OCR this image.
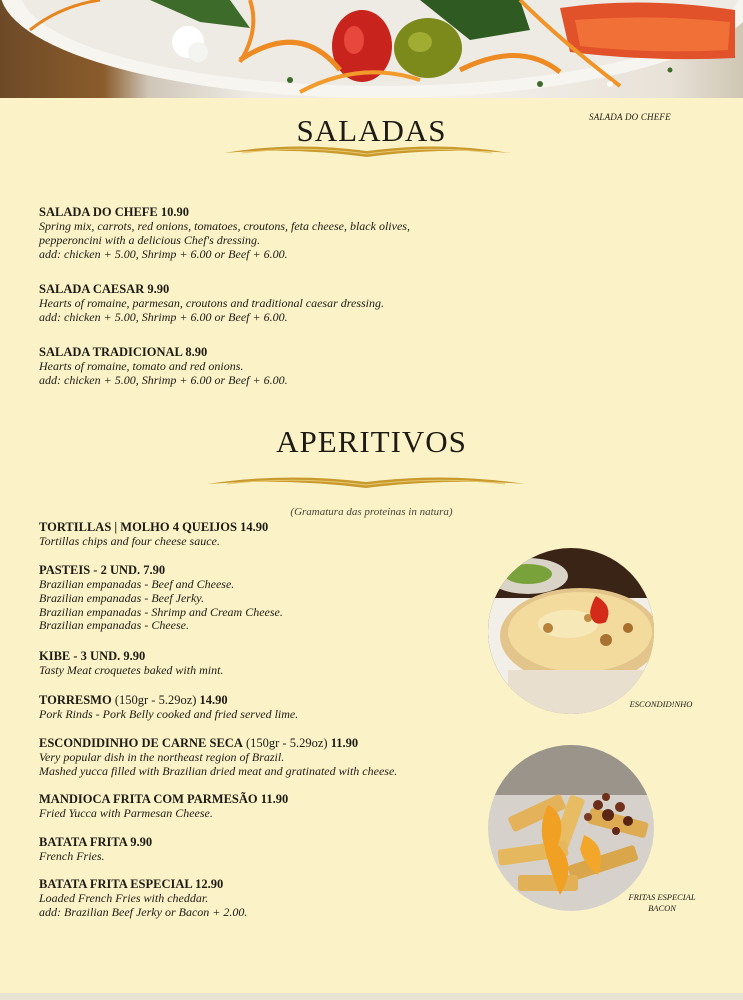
SALADA DO CHEFE
SALADAS
SALADA DO CHEFE 10.90
Spring mix, carrots, red onions, tomatoes, croutons, feta cheese, black olives,
pepperoncini with a delicious Chef's dressing.
add: chicken + 5.00, Shrimp + 6.00 or Beef + 6.00.
SALADA CAESAR 9.90
Hearts of romaine, parmesan, croutons and traditional caesar dressing.
add: chicken + 5.00, Shrimp + 6.00 or Beef + 6.00.
SALADA TRADICIONAL 8.90
Hearts of romaine, tomato and red onions.
add: chicken + 5.00, Shrimp + 6.00 or Beef + 6.00.
APERITIVOS
(Gramatura das proteinas in natura)
TORTILLAS | MOLHO 4 QUEIJOS 14.90
Tortillas chips and four cheese sauce.
PASTEIS - 2 UND. 7.90
Brazilian empanadas - Beef and Cheese.
Brazilian empanadas - Beef Jerky.
Brazilian empanadas - Shrimp and Cream Cheese.
Brazilian empanadas - Cheese.
KIBE - 3 UND. 9.90
Tasty Meat croquetes baked with mint.
TORRESMO (150gr - 5.29oz) 14.90
Pork Rinds - Pork Belly cooked and fried served lime.
ESCONDIDINHO DE CARNE SECA (150gr - 5.29oz) 11.90
Very popular dish in the northeast region of Brazil.
Mashed yucca filled with Brazilian dried meat and gratinated with cheese.
MANDIOCA FRITA COM PARMESÃO 11.90
Fried Yucca with Parmesan Cheese.
BATATA FRITA 9.90
French Fries.
BATATA FRITA ESPECIAL 12.90
Loaded French Fries with cheddar.
add: Brazilian Beef Jerky or Bacon + 2.00.
ESCONDID!NHO
FRITAS ESPECIAL
BACON
